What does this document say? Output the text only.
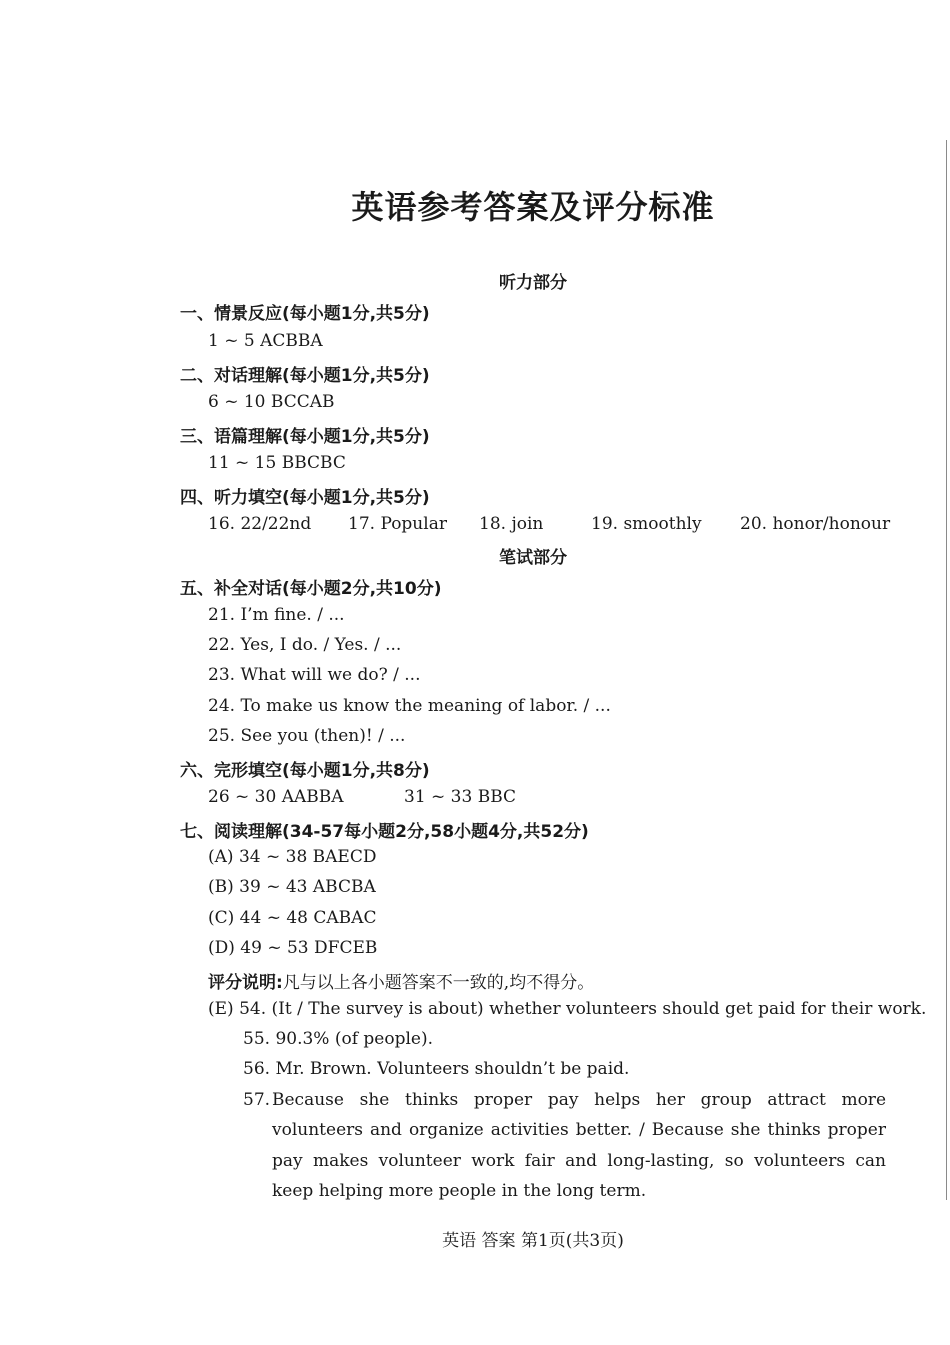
英语参考答案及评分标准
听力部分
一、情景反应(每小题1分,共5分)
1 ~ 5 ACBBA
二、对话理解(每小题1分,共5分)
6 ~ 10 BCCAB
三、语篇理解(每小题1分,共5分)
11 ~ 15 BBCBC
四、听力填空(每小题1分,共5分)
16. 22/22nd 17. Popular 18. join	19. smoothly 20. honor/honour
笔试部分
五、补全对话(每小题2分,共10分)
21. I’m fine. / ...
22. Yes, I do. / Yes. / ...
23. What will we do? / ...
24. To make us know the meaning of labor. / ...
25. See you (then)! / ...
六、完形填空(每小题1分,共8分)
26 ~ 30 AABBA	31 ~ 33 BBC
七、阅读理解(34-57每小题2分,58小题4分,共52分)
(A) 34 ~ 38 BAECD
(B) 39 ~ 43 ABCBA
(C) 44 ~ 48 CABAC
(D) 49 ~ 53 DFCEB
评分说明:凡与以上各小题答案不一致的,均不得分。
(E) 54. (It / The survey is about) whether volunteers should get paid for their work.
55. 90.3% (of people).
56. Mr. Brown. Volunteers shouldn’t be paid.
57. Because she thinks proper pay helps her group attract more volunteers and organize activities better. / Because she thinks proper pay makes volunteer work fair and long-lasting, so volunteers can keep helping more people in the long term.
英语 答案 第1页(共3页)
